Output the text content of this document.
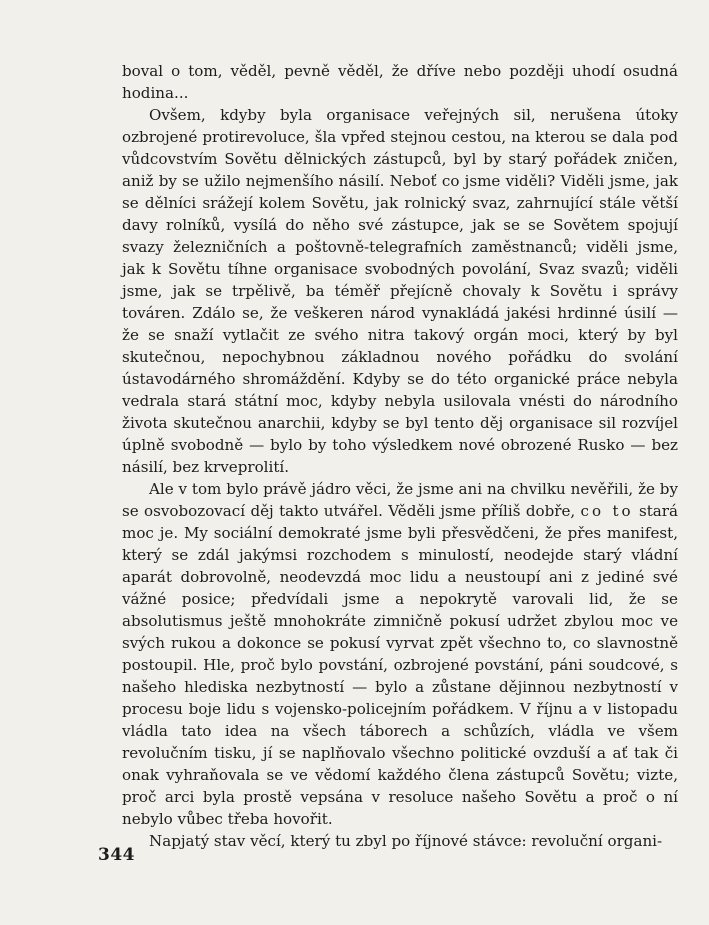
boval o tom, věděl, pevně věděl, že dříve nebo později uhodí osudná hodina...

Ovšem, kdyby byla organisace veřejných sil, nerušena útoky ozbrojené protirevoluce, šla vpřed stejnou cestou, na kterou se dala pod vůdcovstvím Sovětu dělnických zástupců, byl by starý pořádek zničen, aniž by se užilo nejmenšího násilí. Neboť co jsme viděli? Viděli jsme, jak se dělníci srážejí kolem Sovětu, jak rolnický svaz, zahrnující stále větší davy rolníků, vysílá do něho své zástupce, jak se se Sovětem spojují svazy železničních a poštovně-telegrafních zaměstnanců; viděli jsme, jak k Sovětu tíhne organisace svobodných povolání, Svaz svazů; viděli jsme, jak se trpělivě, ba téměř přejícně chovaly k Sovětu i správy továren. Zdálo se, že veškeren národ vynakládá jakési hrdinné úsilí — že se snaží vytlačit ze svého nitra takový orgán moci, který by byl skutečnou, nepochybnou základnou nového pořádku do svolání ústavodárného shromáždění. Kdyby se do této organické práce nebyla vedrala stará státní moc, kdyby nebyla usilovala vnésti do národního života skutečnou anarchii, kdyby se byl tento děj organisace sil rozvíjel úplně svobodně — bylo by toho výsledkem nové obrozené Rusko — bez násilí, bez krveprolití.

Ale v tom bylo právě jádro věci, že jsme ani na chvilku nevěřili, že by se osvobozovací děj takto utvářel. Věděli jsme příliš dobře, co to stará moc je. My sociální demokraté jsme byli přesvědčeni, že přes manifest, který se zdál jakýmsi rozchodem s minulostí, neodejde starý vládní aparát dobrovolně, neodevzdá moc lidu a neustoupí ani z jediné své vážné posice; předvídali jsme a nepokrytě varovali lid, že se absolutismus ještě mnohokráte zimničně pokusí udržet zbylou moc ve svých rukou a dokonce se pokusí vyrvat zpět všechno to, co slavnostně postoupil. Hle, proč bylo povstání, ozbrojené povstání, páni soudcové, s našeho hlediska nezbytností — bylo a zůstane dějinnou nezbytností v procesu boje lidu s vojensko-policejním pořádkem. V říjnu a v listopadu vládla tato idea na všech táborech a schůzích, vládla ve všem revolučním tisku, jí se naplňovalo všechno politické ovzduší a ať tak či onak vyhraňovala se ve vědomí každého člena zástupců Sovětu; vizte, proč arci byla prostě vepsána v resoluce našeho Sovětu a proč o ní nebylo vůbec třeba hovořit.

Napjatý stav věcí, který tu zbyl po říjnové stávce: revoluční organi-

344
